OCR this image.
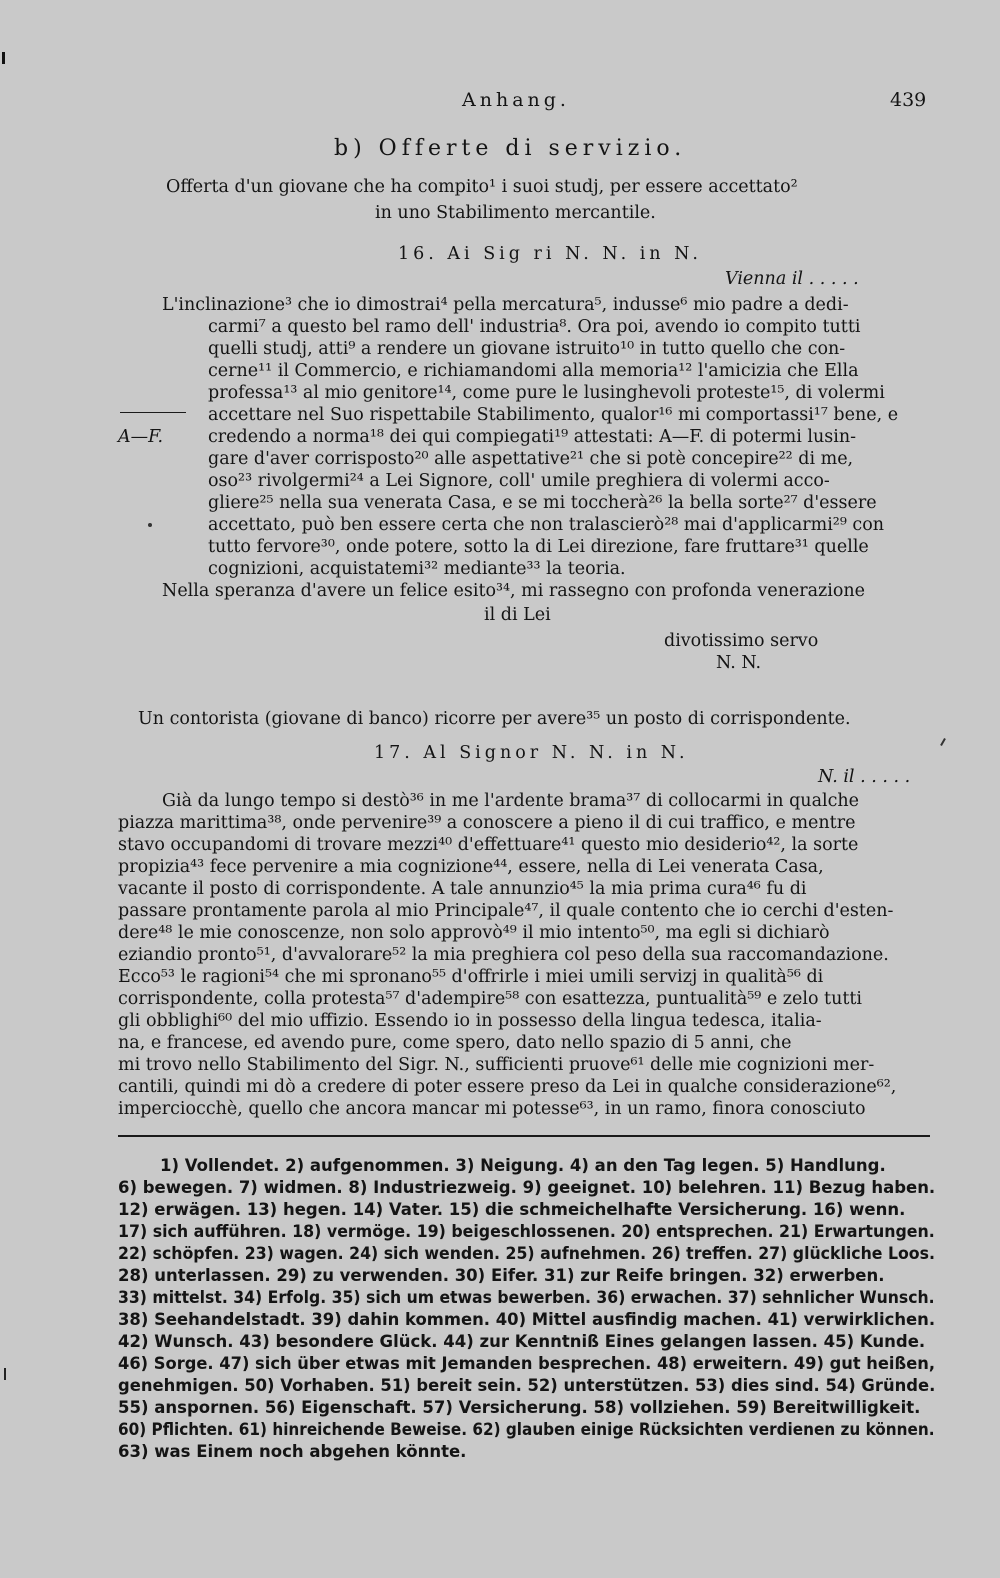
Anhang.	439
b) Offerte di servizio.
Offerta d'un giovane che ha compito¹ i suoi studj, per essere accettato²
in uno Stabilimento mercantile.
16. Ai Sig ri N. N. in N.
Vienna il . . . . .
A—F.
L'inclinazione³ che io dimostrai⁴ pella mercatura⁵, indusse⁶ mio padre a dedi-
carmi⁷ a questo bel ramo dell' industria⁸. Ora poi, avendo io compito tutti
quelli studj, atti⁹ a rendere un giovane istruito¹⁰ in tutto quello che con-
cerne¹¹ il Commercio, e richiamandomi alla memoria¹² l'amicizia che Ella
professa¹³ al mio genitore¹⁴, come pure le lusinghevoli proteste¹⁵, di volermi
accettare nel Suo rispettabile Stabilimento, qualor¹⁶ mi comportassi¹⁷ bene, e
credendo a norma¹⁸ dei qui compiegati¹⁹ attestati: A—F. di potermi lusin-
gare d'aver corrisposto²⁰ alle aspettative²¹ che si potè concepire²² di me,
oso²³ rivolgermi²⁴ a Lei Signore, coll' umile preghiera di volermi acco-
gliere²⁵ nella sua venerata Casa, e se mi toccherà²⁶ la bella sorte²⁷ d'essere
accettato, può ben essere certa che non tralascierò²⁸ mai d'applicarmi²⁹ con
tutto fervore³⁰, onde potere, sotto la di Lei direzione, fare fruttare³¹ quelle
cognizioni, acquistatemi³² mediante³³ la teoria.
Nella speranza d'avere un felice esito³⁴, mi rassegno con profonda venerazione
il di Lei
divotissimo servo
N. N.
Un contorista (giovane di banco) ricorre per avere³⁵ un posto di corrispondente.
17. Al Signor N. N. in N.
N. il . . . . .
Già da lungo tempo si destò³⁶ in me l'ardente brama³⁷ di collocarmi in qualche
piazza marittima³⁸, onde pervenire³⁹ a conoscere a pieno il di cui traffico, e mentre
stavo occupandomi di trovare mezzi⁴⁰ d'effettuare⁴¹ questo mio desiderio⁴², la sorte
propizia⁴³ fece pervenire a mia cognizione⁴⁴, essere, nella di Lei venerata Casa,
vacante il posto di corrispondente. A tale annunzio⁴⁵ la mia prima cura⁴⁶ fu di
passare prontamente parola al mio Principale⁴⁷, il quale contento che io cerchi d'esten-
dere⁴⁸ le mie conoscenze, non solo approvò⁴⁹ il mio intento⁵⁰, ma egli si dichiarò
eziandio pronto⁵¹, d'avvalorare⁵² la mia preghiera col peso della sua raccomandazione.
Ecco⁵³ le ragioni⁵⁴ che mi spronano⁵⁵ d'offrirle i miei umili servizj in qualità⁵⁶ di
corrispondente, colla protesta⁵⁷ d'adempire⁵⁸ con esattezza, puntualità⁵⁹ e zelo tutti
gli obblighi⁶⁰ del mio uffizio. Essendo io in possesso della lingua tedesca, italia-
na, e francese, ed avendo pure, come spero, dato nello spazio di 5 anni, che
mi trovo nello Stabilimento del Sigr. N., sufficienti pruove⁶¹ delle mie cognizioni mer-
cantili, quindi mi dò a credere di poter essere preso da Lei in qualche considerazione⁶²,
imperciocchè, quello che ancora mancar mi potesse⁶³, in un ramo, finora conosciuto
1) Vollendet. 2) aufgenommen. 3) Neigung. 4) an den Tag legen. 5) Handlung.
6) bewegen. 7) widmen. 8) Industriezweig. 9) geeignet. 10) belehren. 11) Bezug haben.
12) erwägen. 13) hegen. 14) Vater. 15) die schmeichelhafte Versicherung. 16) wenn.
17) sich aufführen. 18) vermöge. 19) beigeschlossenen. 20) entsprechen. 21) Erwartungen.
22) schöpfen. 23) wagen. 24) sich wenden. 25) aufnehmen. 26) treffen. 27) glückliche Loos.
28) unterlassen. 29) zu verwenden. 30) Eifer. 31) zur Reife bringen. 32) erwerben.
33) mittelst. 34) Erfolg. 35) sich um etwas bewerben. 36) erwachen. 37) sehnlicher Wunsch.
38) Seehandelstadt. 39) dahin kommen. 40) Mittel ausfindig machen. 41) verwirklichen.
42) Wunsch. 43) besondere Glück. 44) zur Kenntniß Eines gelangen lassen. 45) Kunde.
46) Sorge. 47) sich über etwas mit Jemanden besprechen. 48) erweitern. 49) gut heißen,
genehmigen. 50) Vorhaben. 51) bereit sein. 52) unterstützen. 53) dies sind. 54) Gründe.
55) anspornen. 56) Eigenschaft. 57) Versicherung. 58) vollziehen. 59) Bereitwilligkeit.
60) Pflichten. 61) hinreichende Beweise. 62) glauben einige Rücksichten verdienen zu können.
63) was Einem noch abgehen könnte.
